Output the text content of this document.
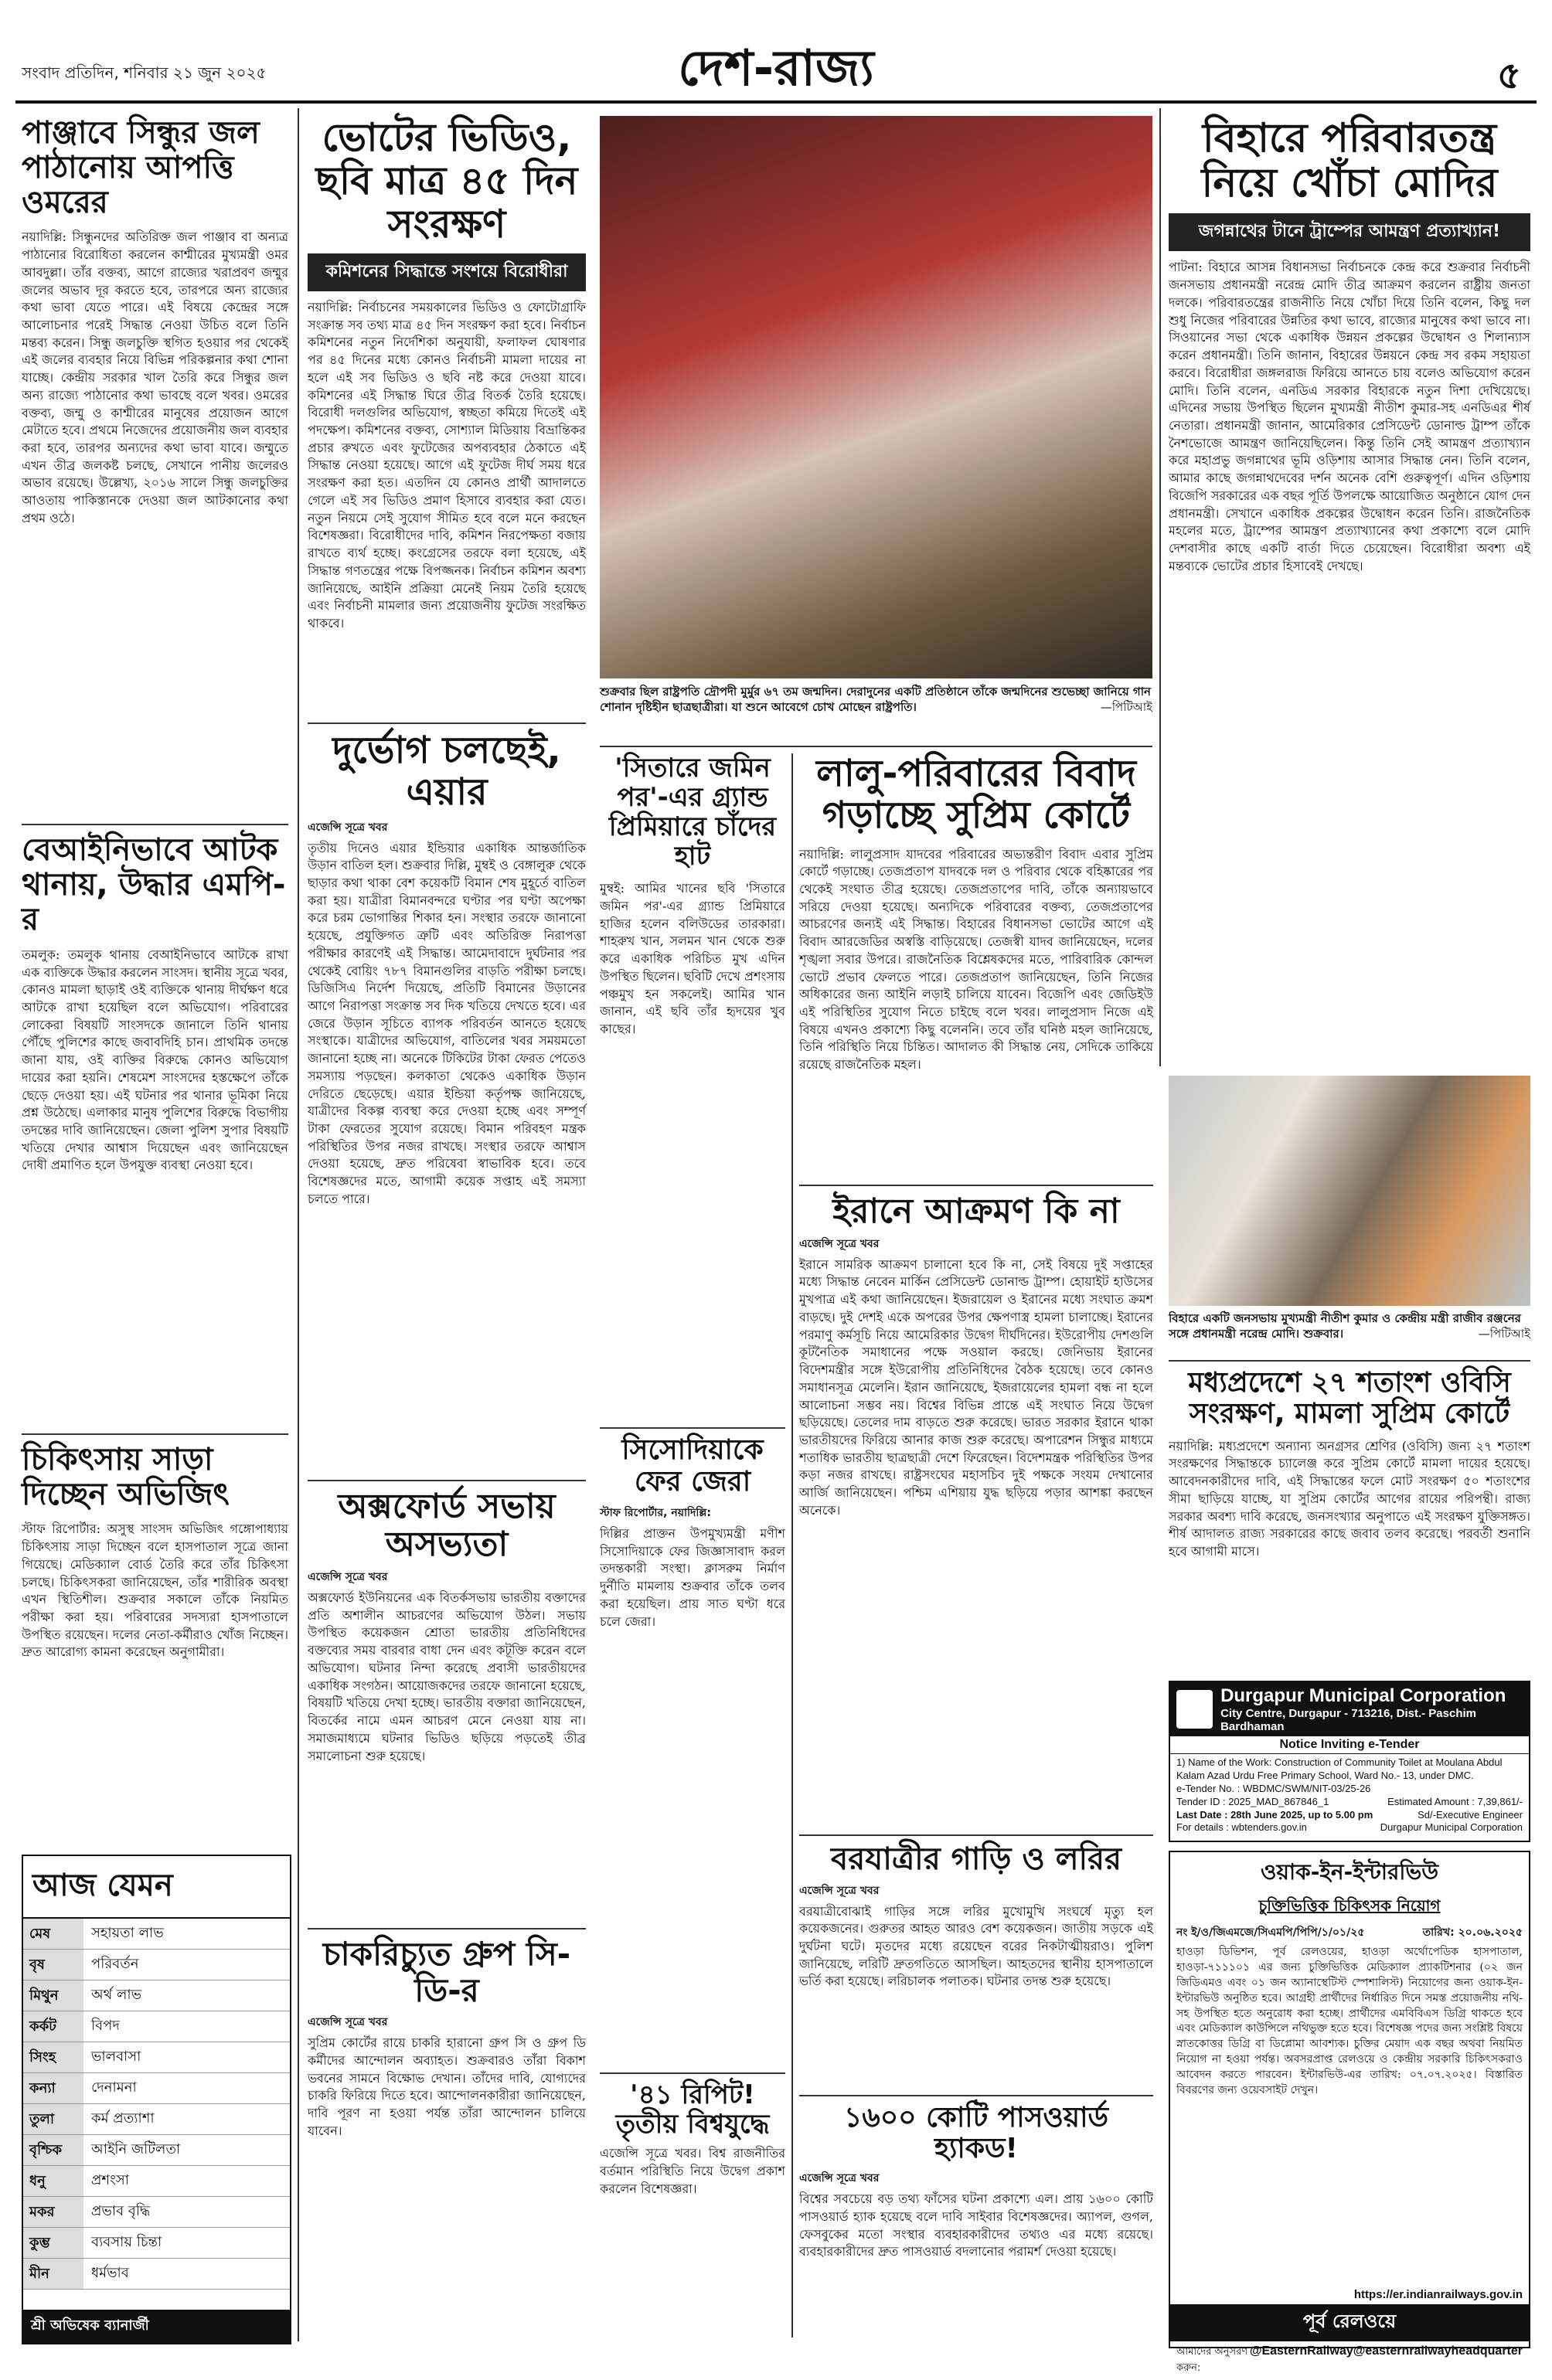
সংবাদ প্রতিদিন, শনিবার ২১ জুন ২০২৫	দেশ-রাজ্য	৫
পাঞ্জাবে সিন্ধুর জল পাঠানোয় আপত্তি ওমরের

নয়াদিল্লি: সিন্ধুনদের অতিরিক্ত জল পাঞ্জাব বা অন্যত্র পাঠানোর বিরোধিতা করলেন কাশ্মীরের মুখ্যমন্ত্রী ওমর আবদুল্লা। তাঁর বক্তব্য, আগে রাজ্যের খরাপ্রবণ জম্মুর জলের অভাব দূর করতে হবে, তারপরে অন্য রাজ্যের কথা ভাবা যেতে পারে। এই বিষয়ে কেন্দ্রের সঙ্গে আলোচনার পরেই সিদ্ধান্ত নেওয়া উচিত বলে তিনি মন্তব্য করেন। সিন্ধু জলচুক্তি স্থগিত হওয়ার পর থেকেই এই জলের ব্যবহার নিয়ে বিভিন্ন পরিকল্পনার কথা শোনা যাচ্ছে। কেন্দ্রীয় সরকার খাল তৈরি করে সিন্ধুর জল অন্য রাজ্যে পাঠানোর কথা ভাবছে বলে খবর। ওমরের বক্তব্য, জম্মু ও কাশ্মীরের মানুষের প্রয়োজন আগে মেটাতে হবে। প্রথমে নিজেদের প্রয়োজনীয় জল ব্যবহার করা হবে, তারপর অন্যদের কথা ভাবা যাবে। জম্মুতে এখন তীব্র জলকষ্ট চলছে, সেখানে পানীয় জলেরও অভাব রয়েছে। উল্লেখ্য, ২০১৬ সালে সিন্ধু জলচুক্তির আওতায় পাকিস্তানকে দেওয়া জল আটকানোর কথা প্রথম ওঠে।

বেআইনিভাবে আটক থানায়, উদ্ধার এমপি-র

তমলুক: তমলুক থানায় বেআইনিভাবে আটকে রাখা এক ব্যক্তিকে উদ্ধার করলেন সাংসদ। স্থানীয় সূত্রে খবর, কোনও মামলা ছাড়াই ওই ব্যক্তিকে থানায় দীর্ঘক্ষণ ধরে আটকে রাখা হয়েছিল বলে অভিযোগ। পরিবারের লোকেরা বিষয়টি সাংসদকে জানালে তিনি থানায় পৌঁছে পুলিশের কাছে জবাবদিহি চান। প্রাথমিক তদন্তে জানা যায়, ওই ব্যক্তির বিরুদ্ধে কোনও অভিযোগ দায়ের করা হয়নি। শেষমেশ সাংসদের হস্তক্ষেপে তাঁকে ছেড়ে দেওয়া হয়। এই ঘটনার পর থানার ভূমিকা নিয়ে প্রশ্ন উঠেছে। এলাকার মানুষ পুলিশের বিরুদ্ধে বিভাগীয় তদন্তের দাবি জানিয়েছেন। জেলা পুলিশ সুপার বিষয়টি খতিয়ে দেখার আশ্বাস দিয়েছেন এবং জানিয়েছেন দোষী প্রমাণিত হলে উপযুক্ত ব্যবস্থা নেওয়া হবে।

চিকিৎসায় সাড়া দিচ্ছেন অভিজিৎ

স্টাফ রিপোর্টার: অসুস্থ সাংসদ অভিজিৎ গঙ্গোপাধ্যায় চিকিৎসায় সাড়া দিচ্ছেন বলে হাসপাতাল সূত্রে জানা গিয়েছে। মেডিক্যাল বোর্ড তৈরি করে তাঁর চিকিৎসা চলছে। চিকিৎসকরা জানিয়েছেন, তাঁর শারীরিক অবস্থা এখন স্থিতিশীল। শুক্রবার সকালে তাঁকে নিয়মিত পরীক্ষা করা হয়। পরিবারের সদস্যরা হাসপাতালে উপস্থিত রয়েছেন। দলের নেতা-কর্মীরাও খোঁজ নিচ্ছেন। দ্রুত আরোগ্য কামনা করেছেন অনুগামীরা।

আজ যেমন
মেষ	সহায়তা লাভ
বৃষ	পরিবর্তন
মিথুন	অর্থ লাভ
কর্কট	বিপদ
সিংহ	ভালবাসা
কন্যা	দেনামনা
তুলা	কর্ম প্রত্যাশা
বৃশ্চিক	আইনি জটিলতা
ধনু	প্রশংসা
মকর	প্রভাব বৃদ্ধি
কুম্ভ	ব্যবসায় চিন্তা
মীন	ধর্মভাব
শ্রী অভিষেক ব্যানার্জী
ভোটের ভিডিও, ছবি মাত্র ৪৫ দিন সংরক্ষণ
কমিশনের সিদ্ধান্তে সংশয়ে বিরোধীরা

নয়াদিল্লি: নির্বাচনের সময়কালের ভিডিও ও ফোটোগ্রাফি সংক্রান্ত সব তথ্য মাত্র ৪৫ দিন সংরক্ষণ করা হবে। নির্বাচন কমিশনের নতুন নির্দেশিকা অনুযায়ী, ফলাফল ঘোষণার পর ৪৫ দিনের মধ্যে কোনও নির্বাচনী মামলা দায়ের না হলে এই সব ভিডিও ও ছবি নষ্ট করে দেওয়া যাবে। কমিশনের এই সিদ্ধান্ত ঘিরে তীব্র বিতর্ক তৈরি হয়েছে। বিরোধী দলগুলির অভিযোগ, স্বচ্ছতা কমিয়ে দিতেই এই পদক্ষেপ। কমিশনের বক্তব্য, সোশ্যাল মিডিয়ায় বিভ্রান্তিকর প্রচার রুখতে এবং ফুটেজের অপব্যবহার ঠেকাতে এই সিদ্ধান্ত নেওয়া হয়েছে। আগে এই ফুটেজ দীর্ঘ সময় ধরে সংরক্ষণ করা হত। এতদিন যে কোনও প্রার্থী আদালতে গেলে এই সব ভিডিও প্রমাণ হিসাবে ব্যবহার করা যেত। নতুন নিয়মে সেই সুযোগ সীমিত হবে বলে মনে করছেন বিশেষজ্ঞরা। বিরোধীদের দাবি, কমিশন নিরপেক্ষতা বজায় রাখতে ব্যর্থ হচ্ছে। কংগ্রেসের তরফে বলা হয়েছে, এই সিদ্ধান্ত গণতন্ত্রের পক্ষে বিপজ্জনক। নির্বাচন কমিশন অবশ্য জানিয়েছে, আইনি প্রক্রিয়া মেনেই নিয়ম তৈরি হয়েছে এবং নির্বাচনী মামলার জন্য প্রয়োজনীয় ফুটেজ সংরক্ষিত থাকবে।

দুর্ভোগ চলছেই, এয়ার

এজেন্সি সূত্রে খবর

তৃতীয় দিনেও এয়ার ইন্ডিয়ার একাধিক আন্তর্জাতিক উড়ান বাতিল হল। শুক্রবার দিল্লি, মুম্বই ও বেঙ্গালুরু থেকে ছাড়ার কথা থাকা বেশ কয়েকটি বিমান শেষ মুহূর্তে বাতিল করা হয়। যাত্রীরা বিমানবন্দরে ঘণ্টার পর ঘণ্টা অপেক্ষা করে চরম ভোগান্তির শিকার হন। সংস্থার তরফে জানানো হয়েছে, প্রযুক্তিগত ত্রুটি এবং অতিরিক্ত নিরাপত্তা পরীক্ষার কারণেই এই সিদ্ধান্ত। আমেদাবাদে দুর্ঘটনার পর থেকেই বোয়িং ৭৮৭ বিমানগুলির বাড়তি পরীক্ষা চলছে। ডিজিসিএ নির্দেশ দিয়েছে, প্রতিটি বিমানের উড়ানের আগে নিরাপত্তা সংক্রান্ত সব দিক খতিয়ে দেখতে হবে। এর জেরে উড়ান সূচিতে ব্যাপক পরিবর্তন আনতে হয়েছে সংস্থাকে। যাত্রীদের অভিযোগ, বাতিলের খবর সময়মতো জানানো হচ্ছে না। অনেকে টিকিটের টাকা ফেরত পেতেও সমস্যায় পড়ছেন। কলকাতা থেকেও একাধিক উড়ান দেরিতে ছেড়েছে। এয়ার ইন্ডিয়া কর্তৃপক্ষ জানিয়েছে, যাত্রীদের বিকল্প ব্যবস্থা করে দেওয়া হচ্ছে এবং সম্পূর্ণ টাকা ফেরতের সুযোগ রয়েছে। বিমান পরিবহণ মন্ত্রক পরিস্থিতির উপর নজর রাখছে। সংস্থার তরফে আশ্বাস দেওয়া হয়েছে, দ্রুত পরিষেবা স্বাভাবিক হবে। তবে বিশেষজ্ঞদের মতে, আগামী কয়েক সপ্তাহ এই সমস্যা চলতে পারে।

অক্সফোর্ড সভায় অসভ্যতা

এজেন্সি সূত্রে খবর

অক্সফোর্ড ইউনিয়নের এক বিতর্কসভায় ভারতীয় বক্তাদের প্রতি অশালীন আচরণের অভিযোগ উঠল। সভায় উপস্থিত কয়েকজন শ্রোতা ভারতীয় প্রতিনিধিদের বক্তব্যের সময় বারবার বাধা দেন এবং কটূক্তি করেন বলে অভিযোগ। ঘটনার নিন্দা করেছে প্রবাসী ভারতীয়দের একাধিক সংগঠন। আয়োজকদের তরফে জানানো হয়েছে, বিষয়টি খতিয়ে দেখা হচ্ছে। ভারতীয় বক্তারা জানিয়েছেন, বিতর্কের নামে এমন আচরণ মেনে নেওয়া যায় না। সমাজমাধ্যমে ঘটনার ভিডিও ছড়িয়ে পড়তেই তীব্র সমালোচনা শুরু হয়েছে।

চাকরিচ্যুত গ্রুপ সি-ডি-র

এজেন্সি সূত্রে খবর

সুপ্রিম কোর্টের রায়ে চাকরি হারানো গ্রুপ সি ও গ্রুপ ডি কর্মীদের আন্দোলন অব্যাহত। শুক্রবারও তাঁরা বিকাশ ভবনের সামনে বিক্ষোভ দেখান। তাঁদের দাবি, যোগ্যদের চাকরি ফিরিয়ে দিতে হবে। আন্দোলনকারীরা জানিয়েছেন, দাবি পূরণ না হওয়া পর্যন্ত তাঁরা আন্দোলন চালিয়ে যাবেন।

শুক্রবার ছিল রাষ্ট্রপতি দ্রৌপদী মুর্মুর ৬৭ তম জন্মদিন। দেরাদুনের একটি প্রতিষ্ঠানে তাঁকে জন্মদিনের শুভেচ্ছা জানিয়ে গান শোনান দৃষ্টিহীন ছাত্রছাত্রীরা। যা শুনে আবেগে চোখ মোছেন রাষ্ট্রপতি।	—পিটিআই

'সিতারে জমিন পর'-এর গ্র্যান্ড প্রিমিয়ারে চাঁদের হাট

মুম্বই: আমির খানের ছবি 'সিতারে জমিন পর'-এর গ্র্যান্ড প্রিমিয়ারে হাজির হলেন বলিউডের তারকারা। শাহরুখ খান, সলমন খান থেকে শুরু করে একাধিক পরিচিত মুখ এদিন উপস্থিত ছিলেন। ছবিটি দেখে প্রশংসায় পঞ্চমুখ হন সকলেই। আমির খান জানান, এই ছবি তাঁর হৃদয়ের খুব কাছের।

সিসোদিয়াকে ফের জেরা

স্টাফ রিপোর্টার, নয়াদিল্লি:

দিল্লির প্রাক্তন উপমুখ্যমন্ত্রী মণীশ সিসোদিয়াকে ফের জিজ্ঞাসাবাদ করল তদন্তকারী সংস্থা। ক্লাসরুম নির্মাণ দুর্নীতি মামলায় শুক্রবার তাঁকে তলব করা হয়েছিল। প্রায় সাত ঘণ্টা ধরে চলে জেরা।

'৪১ রিপিট! তৃতীয় বিশ্বযুদ্ধে

এজেন্সি সূত্রে খবর। বিশ্ব রাজনীতির বর্তমান পরিস্থিতি নিয়ে উদ্বেগ প্রকাশ করলেন বিশেষজ্ঞরা।

লালু-পরিবারের বিবাদ গড়াচ্ছে সুপ্রিম কোর্টে

নয়াদিল্লি: লালুপ্রসাদ যাদবের পরিবারের অভ্যন্তরীণ বিবাদ এবার সুপ্রিম কোর্টে গড়াচ্ছে। তেজপ্রতাপ যাদবকে দল ও পরিবার থেকে বহিষ্কারের পর থেকেই সংঘাত তীব্র হয়েছে। তেজপ্রতাপের দাবি, তাঁকে অন্যায়ভাবে সরিয়ে দেওয়া হয়েছে। অন্যদিকে পরিবারের বক্তব্য, তেজপ্রতাপের আচরণের জন্যই এই সিদ্ধান্ত। বিহারের বিধানসভা ভোটের আগে এই বিবাদ আরজেডির অস্বস্তি বাড়িয়েছে। তেজস্বী যাদব জানিয়েছেন, দলের শৃঙ্খলা সবার উপরে। রাজনৈতিক বিশ্লেষকদের মতে, পারিবারিক কোন্দল ভোটে প্রভাব ফেলতে পারে। তেজপ্রতাপ জানিয়েছেন, তিনি নিজের অধিকারের জন্য আইনি লড়াই চালিয়ে যাবেন। বিজেপি এবং জেডিইউ এই পরিস্থিতির সুযোগ নিতে চাইছে বলে খবর। লালুপ্রসাদ নিজে এই বিষয়ে এখনও প্রকাশ্যে কিছু বলেননি। তবে তাঁর ঘনিষ্ঠ মহল জানিয়েছে, তিনি পরিস্থিতি নিয়ে চিন্তিত। আদালত কী সিদ্ধান্ত নেয়, সেদিকে তাকিয়ে রয়েছে রাজনৈতিক মহল।

ইরানে আক্রমণ কি না

এজেন্সি সূত্রে খবর

ইরানে সামরিক আক্রমণ চালানো হবে কি না, সেই বিষয়ে দুই সপ্তাহের মধ্যে সিদ্ধান্ত নেবেন মার্কিন প্রেসিডেন্ট ডোনাল্ড ট্রাম্প। হোয়াইট হাউসের মুখপাত্র এই কথা জানিয়েছেন। ইজরায়েল ও ইরানের মধ্যে সংঘাত ক্রমশ বাড়ছে। দুই দেশই একে অপরের উপর ক্ষেপণাস্ত্র হামলা চালাচ্ছে। ইরানের পরমাণু কর্মসূচি নিয়ে আমেরিকার উদ্বেগ দীর্ঘদিনের। ইউরোপীয় দেশগুলি কূটনৈতিক সমাধানের পক্ষে সওয়াল করছে। জেনিভায় ইরানের বিদেশমন্ত্রীর সঙ্গে ইউরোপীয় প্রতিনিধিদের বৈঠক হয়েছে। তবে কোনও সমাধানসূত্র মেলেনি। ইরান জানিয়েছে, ইজরায়েলের হামলা বন্ধ না হলে আলোচনা সম্ভব নয়। বিশ্বের বিভিন্ন প্রান্তে এই সংঘাত নিয়ে উদ্বেগ ছড়িয়েছে। তেলের দাম বাড়তে শুরু করেছে। ভারত সরকার ইরানে থাকা ভারতীয়দের ফিরিয়ে আনার কাজ শুরু করেছে। অপারেশন সিন্ধুর মাধ্যমে শতাধিক ভারতীয় ছাত্রছাত্রী দেশে ফিরেছেন। বিদেশমন্ত্রক পরিস্থিতির উপর কড়া নজর রাখছে। রাষ্ট্রসংঘের মহাসচিব দুই পক্ষকে সংযম দেখানোর আর্জি জানিয়েছেন। পশ্চিম এশিয়ায় যুদ্ধ ছড়িয়ে পড়ার আশঙ্কা করছেন অনেকে।

বরযাত্রীর গাড়ি ও লরির

এজেন্সি সূত্রে খবর

বরযাত্রীবোঝাই গাড়ির সঙ্গে লরির মুখোমুখি সংঘর্ষে মৃত্যু হল কয়েকজনের। গুরুতর আহত আরও বেশ কয়েকজন। জাতীয় সড়কে এই দুর্ঘটনা ঘটে। মৃতদের মধ্যে রয়েছেন বরের নিকটাত্মীয়রাও। পুলিশ জানিয়েছে, লরিটি দ্রুতগতিতে আসছিল। আহতদের স্থানীয় হাসপাতালে ভর্তি করা হয়েছে। লরিচালক পলাতক। ঘটনার তদন্ত শুরু হয়েছে।

১৬০০ কোটি পাসওয়ার্ড হ্যাকড!

এজেন্সি সূত্রে খবর

বিশ্বের সবচেয়ে বড় তথ্য ফাঁসের ঘটনা প্রকাশ্যে এল। প্রায় ১৬০০ কোটি পাসওয়ার্ড হ্যাক হয়েছে বলে দাবি সাইবার বিশেষজ্ঞদের। অ্যাপল, গুগল, ফেসবুকের মতো সংস্থার ব্যবহারকারীদের তথ্যও এর মধ্যে রয়েছে। ব্যবহারকারীদের দ্রুত পাসওয়ার্ড বদলানোর পরামর্শ দেওয়া হয়েছে।

বিহারে পরিবারতন্ত্র নিয়ে খোঁচা মোদির
জগন্নাথের টানে ট্রাম্পের আমন্ত্রণ প্রত্যাখ্যান!

পাটনা: বিহারে আসন্ন বিধানসভা নির্বাচনকে কেন্দ্র করে শুক্রবার নির্বাচনী জনসভায় প্রধানমন্ত্রী নরেন্দ্র মোদি তীব্র আক্রমণ করলেন রাষ্ট্রীয় জনতা দলকে। পরিবারতন্ত্রের রাজনীতি নিয়ে খোঁচা দিয়ে তিনি বলেন, কিছু দল শুধু নিজের পরিবারের উন্নতির কথা ভাবে, রাজ্যের মানুষের কথা ভাবে না। সিওয়ানের সভা থেকে একাধিক উন্নয়ন প্রকল্পের উদ্বোধন ও শিলান্যাস করেন প্রধানমন্ত্রী। তিনি জানান, বিহারের উন্নয়নে কেন্দ্র সব রকম সহায়তা করবে। বিরোধীরা জঙ্গলরাজ ফিরিয়ে আনতে চায় বলেও অভিযোগ করেন মোদি। তিনি বলেন, এনডিএ সরকার বিহারকে নতুন দিশা দেখিয়েছে। এদিনের সভায় উপস্থিত ছিলেন মুখ্যমন্ত্রী নীতীশ কুমার-সহ এনডিএর শীর্ষ নেতারা। প্রধানমন্ত্রী জানান, আমেরিকার প্রেসিডেন্ট ডোনাল্ড ট্রাম্প তাঁকে নৈশভোজে আমন্ত্রণ জানিয়েছিলেন। কিন্তু তিনি সেই আমন্ত্রণ প্রত্যাখ্যান করে মহাপ্রভু জগন্নাথের ভূমি ওড়িশায় আসার সিদ্ধান্ত নেন। তিনি বলেন, আমার কাছে জগন্নাথদেবের দর্শন অনেক বেশি গুরুত্বপূর্ণ। এদিন ওড়িশায় বিজেপি সরকারের এক বছর পূর্তি উপলক্ষে আয়োজিত অনুষ্ঠানে যোগ দেন প্রধানমন্ত্রী। সেখানে একাধিক প্রকল্পের উদ্বোধন করেন তিনি। রাজনৈতিক মহলের মতে, ট্রাম্পের আমন্ত্রণ প্রত্যাখ্যানের কথা প্রকাশ্যে বলে মোদি দেশবাসীর কাছে একটি বার্তা দিতে চেয়েছেন। বিরোধীরা অবশ্য এই মন্তব্যকে ভোটের প্রচার হিসাবেই দেখছে।

বিহারে একটি জনসভায় মুখ্যমন্ত্রী নীতীশ কুমার ও কেন্দ্রীয় মন্ত্রী রাজীব রঞ্জনের সঙ্গে প্রধানমন্ত্রী নরেন্দ্র মোদি। শুক্রবার।	—পিটিআই

মধ্যপ্রদেশে ২৭ শতাংশ ওবিসি সংরক্ষণ, মামলা সুপ্রিম কোর্টে

নয়াদিল্লি: মধ্যপ্রদেশে অন্যান্য অনগ্রসর শ্রেণির (ওবিসি) জন্য ২৭ শতাংশ সংরক্ষণের সিদ্ধান্তকে চ্যালেঞ্জ করে সুপ্রিম কোর্টে মামলা দায়ের হয়েছে। আবেদনকারীদের দাবি, এই সিদ্ধান্তের ফলে মোট সংরক্ষণ ৫০ শতাংশের সীমা ছাড়িয়ে যাচ্ছে, যা সুপ্রিম কোর্টের আগের রায়ের পরিপন্থী। রাজ্য সরকার অবশ্য দাবি করেছে, জনসংখ্যার অনুপাতে এই সংরক্ষণ যুক্তিসঙ্গত। শীর্ষ আদালত রাজ্য সরকারের কাছে জবাব তলব করেছে। পরবর্তী শুনানি হবে আগামী মাসে।

Durgapur Municipal Corporation
City Centre, Durgapur - 713216, Dist.- Paschim Bardhaman
Notice Inviting e-Tender
1) Name of the Work: Construction of Community Toilet at Moulana Abdul Kalam Azad Urdu Free Primary School, Ward No.- 13, under DMC.
e-Tender No. : WBDMC/SWM/NIT-03/25-26
Tender ID : 2025_MAD_867846_1	Estimated Amount : 7,39,861/-
Last Date : 28th June 2025, up to 5.00 pm	Sd/-Executive Engineer
For details : wbtenders.gov.in	Durgapur Municipal Corporation
ওয়াক-ইন-ইন্টারভিউ
চুক্তিভিত্তিক চিকিৎসক নিয়োগ
নং ই/ও/জিএমজে/সিএমপি/পিপি/১/০১/২৫	তারিখ: ২০.০৬.২০২৫

হাওড়া ডিভিশন, পূর্ব রেলওয়ের, হাওড়া অর্থোপেডিক হাসপাতাল, হাওড়া-৭১১১০১ এর জন্য চুক্তিভিত্তিক মেডিক্যাল প্র্যাকটিশনার (০২ জন জিডিএমও এবং ০১ জন অ্যানাস্থেটিস্ট স্পেশালিস্ট) নিয়োগের জন্য ওয়াক-ইন-ইন্টারভিউ অনুষ্ঠিত হবে। আগ্রহী প্রার্থীদের নির্ধারিত দিনে সমস্ত প্রয়োজনীয় নথি-সহ উপস্থিত হতে অনুরোধ করা হচ্ছে। প্রার্থীদের এমবিবিএস ডিগ্রি থাকতে হবে এবং মেডিক্যাল কাউন্সিলে নথিভুক্ত হতে হবে। বিশেষজ্ঞ পদের জন্য সংশ্লিষ্ট বিষয়ে স্নাতকোত্তর ডিগ্রি বা ডিপ্লোমা আবশ্যক। চুক্তির মেয়াদ এক বছর অথবা নিয়মিত নিয়োগ না হওয়া পর্যন্ত। অবসরপ্রাপ্ত রেলওয়ে ও কেন্দ্রীয় সরকারি চিকিৎসকরাও আবেদন করতে পারবেন। ইন্টারভিউ-এর তারিখ: ০৭.০৭.২০২৫। বিস্তারিত বিবরণের জন্য ওয়েবসাইট দেখুন।

https://er.indianrailways.gov.in
পূর্ব রেলওয়ে
আমাদের অনুসরণ করুন:
@EasternRailway @easternrailwayheadquarter
